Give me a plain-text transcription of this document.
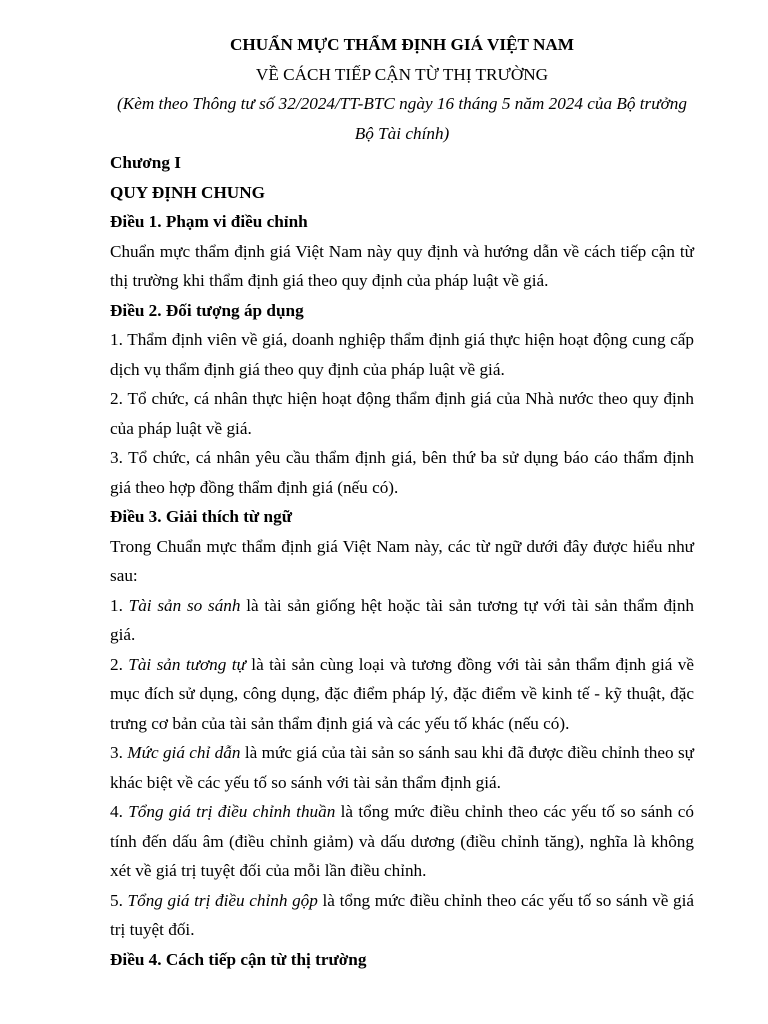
CHUẨN MỰC THẨM ĐỊNH GIÁ VIỆT NAM
VỀ CÁCH TIẾP CẬN TỪ THỊ TRƯỜNG
(Kèm theo Thông tư số 32/2024/TT-BTC ngày 16 tháng 5 năm 2024 của Bộ trưởng Bộ Tài chính)
Chương I
QUY ĐỊNH CHUNG
Điều 1. Phạm vi điều chỉnh
Chuẩn mực thẩm định giá Việt Nam này quy định và hướng dẫn về cách tiếp cận từ thị trường khi thẩm định giá theo quy định của pháp luật về giá.
Điều 2. Đối tượng áp dụng
1. Thẩm định viên về giá, doanh nghiệp thẩm định giá thực hiện hoạt động cung cấp dịch vụ thẩm định giá theo quy định của pháp luật về giá.
2. Tổ chức, cá nhân thực hiện hoạt động thẩm định giá của Nhà nước theo quy định của pháp luật về giá.
3. Tổ chức, cá nhân yêu cầu thẩm định giá, bên thứ ba sử dụng báo cáo thẩm định giá theo hợp đồng thẩm định giá (nếu có).
Điều 3. Giải thích từ ngữ
Trong Chuẩn mực thẩm định giá Việt Nam này, các từ ngữ dưới đây được hiểu như sau:
1. Tài sản so sánh là tài sản giống hệt hoặc tài sản tương tự với tài sản thẩm định giá.
2. Tài sản tương tự là tài sản cùng loại và tương đồng với tài sản thẩm định giá về mục đích sử dụng, công dụng, đặc điểm pháp lý, đặc điểm về kinh tế - kỹ thuật, đặc trưng cơ bản của tài sản thẩm định giá và các yếu tố khác (nếu có).
3. Mức giá chỉ dẫn là mức giá của tài sản so sánh sau khi đã được điều chỉnh theo sự khác biệt về các yếu tố so sánh với tài sản thẩm định giá.
4. Tổng giá trị điều chỉnh thuần là tổng mức điều chỉnh theo các yếu tố so sánh có tính đến dấu âm (điều chỉnh giảm) và dấu dương (điều chỉnh tăng), nghĩa là không xét về giá trị tuyệt đối của mỗi lần điều chỉnh.
5. Tổng giá trị điều chỉnh gộp là tổng mức điều chỉnh theo các yếu tố so sánh về giá trị tuyệt đối.
Điều 4. Cách tiếp cận từ thị trường
